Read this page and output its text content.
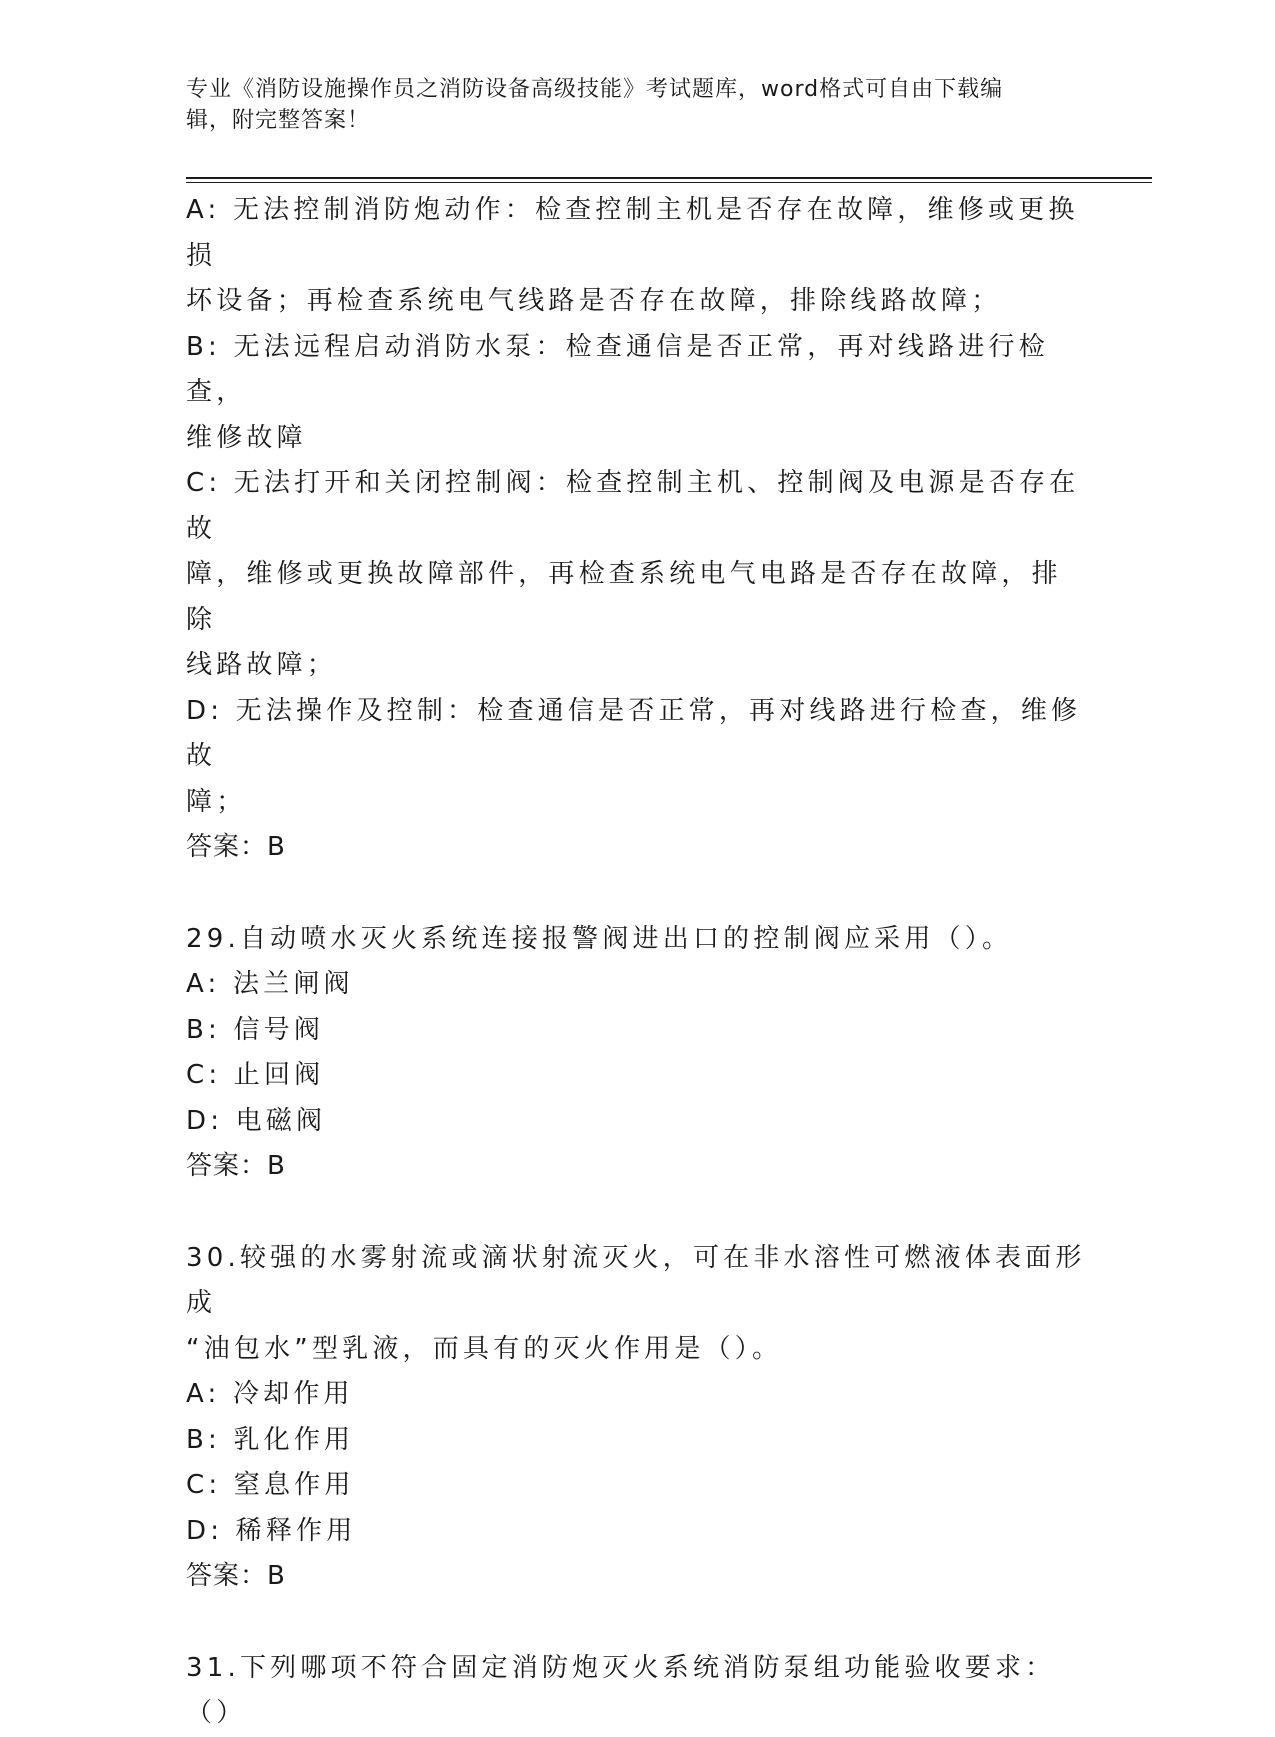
专业《消防设施操作员之消防设备高级技能》考试题库，word格式可自由下载编
辑，附完整答案！
A: 无法控制消防炮动作：检查控制主机是否存在故障，维修或更换损
坏设备；再检查系统电气线路是否存在故障，排除线路故障；
B: 无法远程启动消防水泵：检查通信是否正常，再对线路进行检查，
维修故障
C: 无法打开和关闭控制阀：检查控制主机、控制阀及电源是否存在故
障，维修或更换故障部件，再检查系统电气电路是否存在故障，排除
线路故障；
D: 无法操作及控制：检查通信是否正常，再对线路进行检查，维修故
障；
答案：B
29.自动喷水灭火系统连接报警阀进出口的控制阀应采用（）。
A: 法兰闸阀
B: 信号阀
C: 止回阀
D: 电磁阀
答案：B
30.较强的水雾射流或滴状射流灭火，可在非水溶性可燃液体表面形成
“油包水”型乳液，而具有的灭火作用是（）。
A: 冷却作用
B: 乳化作用
C: 窒息作用
D: 稀释作用
答案：B
31.下列哪项不符合固定消防炮灭火系统消防泵组功能验收要求：（）
